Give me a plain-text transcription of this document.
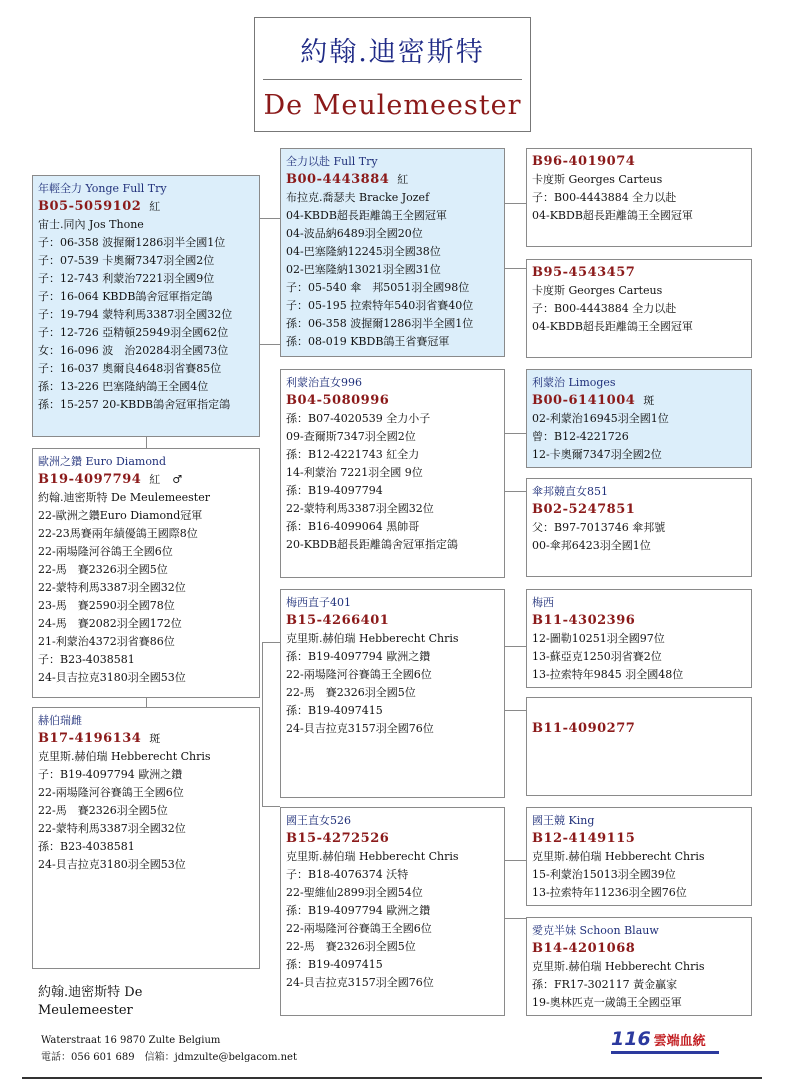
約翰.迪密斯特
De Meulemeester
年輕全力 Yonge Full Try
B05-5059102 紅
宙士.同內 Jos Thone
子：06-358 波握爾1286羽半全國1位
子：07-539 卡奧爾7347羽全國2位
子：12-743 利蒙治7221羽全國9位
子：16-064 KBDB鴿舍冠軍指定鴿
子：19-794 蒙特利馬3387羽全國32位
子：12-726 亞精頓25949羽全國62位
女：16-096 波　治20284羽全國73位
子：16-037 奧爾良4648羽省賽85位
孫：13-226 巴塞隆納鴿王全國4位
孫：15-257 20-KBDB鴿舍冠軍指定鴿
歐洲之鑽 Euro Diamond
B19-4097794 紅　♂
約翰.迪密斯特 De Meulemeester
22-歐洲之鑽Euro Diamond冠軍
22-23馬賽兩年績優鴿王國際8位
22-兩場隆河谷鴿王全國6位
22-馬　賽2326羽全國5位
22-蒙特利馬3387羽全國32位
23-馬　賽2590羽全國78位
24-馬　賽2082羽全國172位
21-利蒙治4372羽省賽86位
子：B23-4038581
24-貝吉拉克3180羽全國53位
赫伯瑞雌
B17-4196134 斑
克里斯.赫伯瑞 Hebberecht Chris
子：B19-4097794 歐洲之鑽
22-兩場隆河谷賽鴿王全國6位
22-馬　賽2326羽全國5位
22-蒙特利馬3387羽全國32位
孫：B23-4038581
24-貝吉拉克3180羽全國53位
全力以赴 Full Try
B00-4443884 紅
布拉克.喬瑟夫 Bracke Jozef
04-KBDB超長距離鴿王全國冠軍
04-波品納6489羽全國20位
04-巴塞隆納12245羽全國38位
02-巴塞隆納13021羽全國31位
子：05-540 傘　邦5051羽全國98位
子：05-195 拉索特年540羽省賽40位
孫：06-358 波握爾1286羽半全國1位
孫：08-019 KBDB鴿王省賽冠軍
利蒙治直女996
B04-5080996
孫：B07-4020539 全力小子
09-查爾斯7347羽全國2位
孫：B12-4221743 紅全力
14-利蒙治 7221羽全國 9位
孫：B19-4097794
22-蒙特利馬3387羽全國32位
孫：B16-4099064 黑帥哥
20-KBDB超長距離鴿舍冠軍指定鴿
梅西直子401
B15-4266401
克里斯.赫伯瑞 Hebberecht Chris
孫：B19-4097794 歐洲之鑽
22-兩場隆河谷賽鴿王全國6位
22-馬　賽2326羽全國5位
孫：B19-4097415
24-貝吉拉克3157羽全國76位
國王直女526
B15-4272526
克里斯.赫伯瑞 Hebberecht Chris
子：B18-4076374 沃特
22-聖維仙2899羽全國54位
孫：B19-4097794 歐洲之鑽
22-兩場隆河谷賽鴿王全國6位
22-馬　賽2326羽全國5位
孫：B19-4097415
24-貝吉拉克3157羽全國76位
B96-4019074
卡度斯 Georges Carteus
子：B00-4443884 全力以赴
04-KBDB超長距離鴿王全國冠軍
B95-4543457
卡度斯 Georges Carteus
子：B00-4443884 全力以赴
04-KBDB超長距離鴿王全國冠軍
利蒙治 Limoges
B00-6141004 斑
02-利蒙治16945羽全國1位
曾：B12-4221726
12-卡奧爾7347羽全國2位
傘邦競直女851
B02-5247851
父：B97-7013746 傘邦號
00-傘邦6423羽全國1位
梅西
B11-4302396
12-圖勒10251羽全國97位
13-蘇亞克1250羽省賽2位
13-拉索特年9845 羽全國48位
B11-4090277
國王競 King
B12-4149115
克里斯.赫伯瑞 Hebberecht Chris
15-利蒙治15013羽全國39位
13-拉索特年11236羽全國76位
愛克半妹 Schoon Blauw
B14-4201068
克里斯.赫伯瑞 Hebberecht Chris
孫：FR17-302117 黃金贏家
19-奧林匹克一歲鴿王全國亞軍
約翰.迪密斯特 De
Meulemeester
Waterstraat 16 9870 Zulte Belgium
電話：056 601 689　信箱：jdmzulte@belgacom.net
116 雲端血統
